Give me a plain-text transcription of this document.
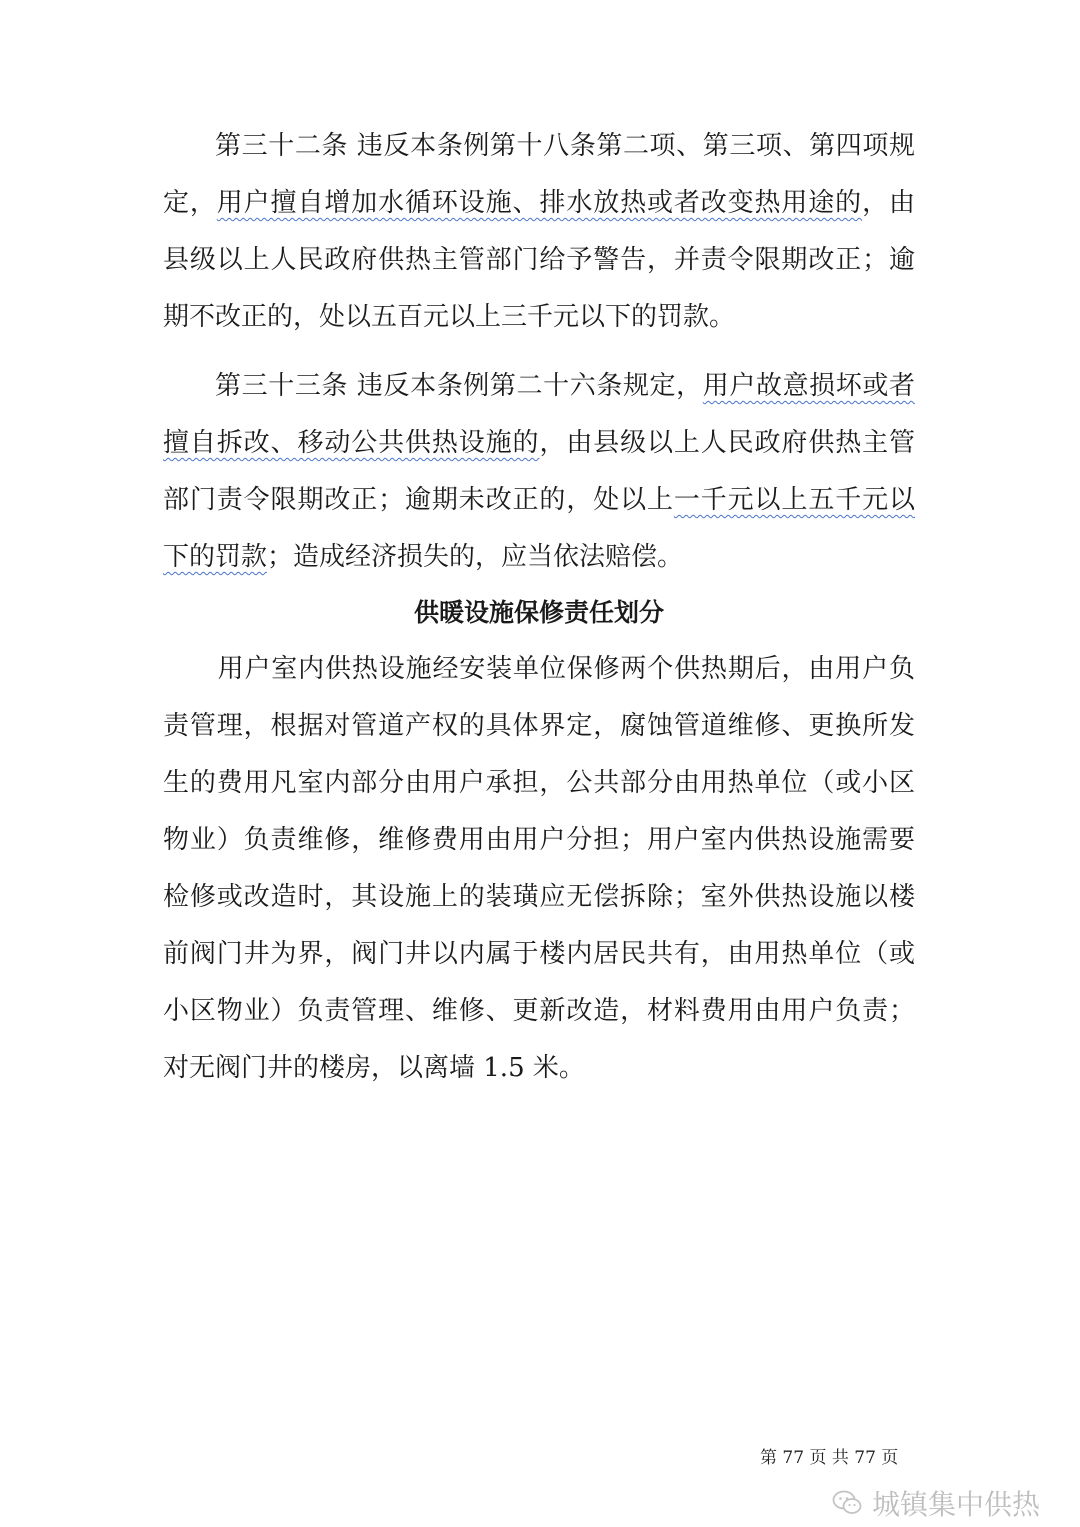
第三十二条 违反本条例第十八条第二项、第三项、第四项规定，用户擅自增加水循环设施、排水放热或者改变热用途的，由县级以上人民政府供热主管部门给予警告，并责令限期改正；逾期不改正的，处以五百元以上三千元以下的罚款。

第三十三条 违反本条例第二十六条规定，用户故意损坏或者擅自拆改、移动公共供热设施的，由县级以上人民政府供热主管部门责令限期改正；逾期未改正的，处以上一千元以上五千元以下的罚款；造成经济损失的，应当依法赔偿。

供暖设施保修责任划分

用户室内供热设施经安装单位保修两个供热期后，由用户负责管理，根据对管道产权的具体界定，腐蚀管道维修、更换所发生的费用凡室内部分由用户承担，公共部分由用热单位（或小区物业）负责维修，维修费用由用户分担；用户室内供热设施需要检修或改造时，其设施上的装璜应无偿拆除；室外供热设施以楼前阀门井为界，阀门井以内属于楼内居民共有，由用热单位（或小区物业）负责管理、维修、更新改造，材料费用由用户负责；对无阀门井的楼房，以离墙 1.5 米。

第 77 页 共 77 页
城镇集中供热
